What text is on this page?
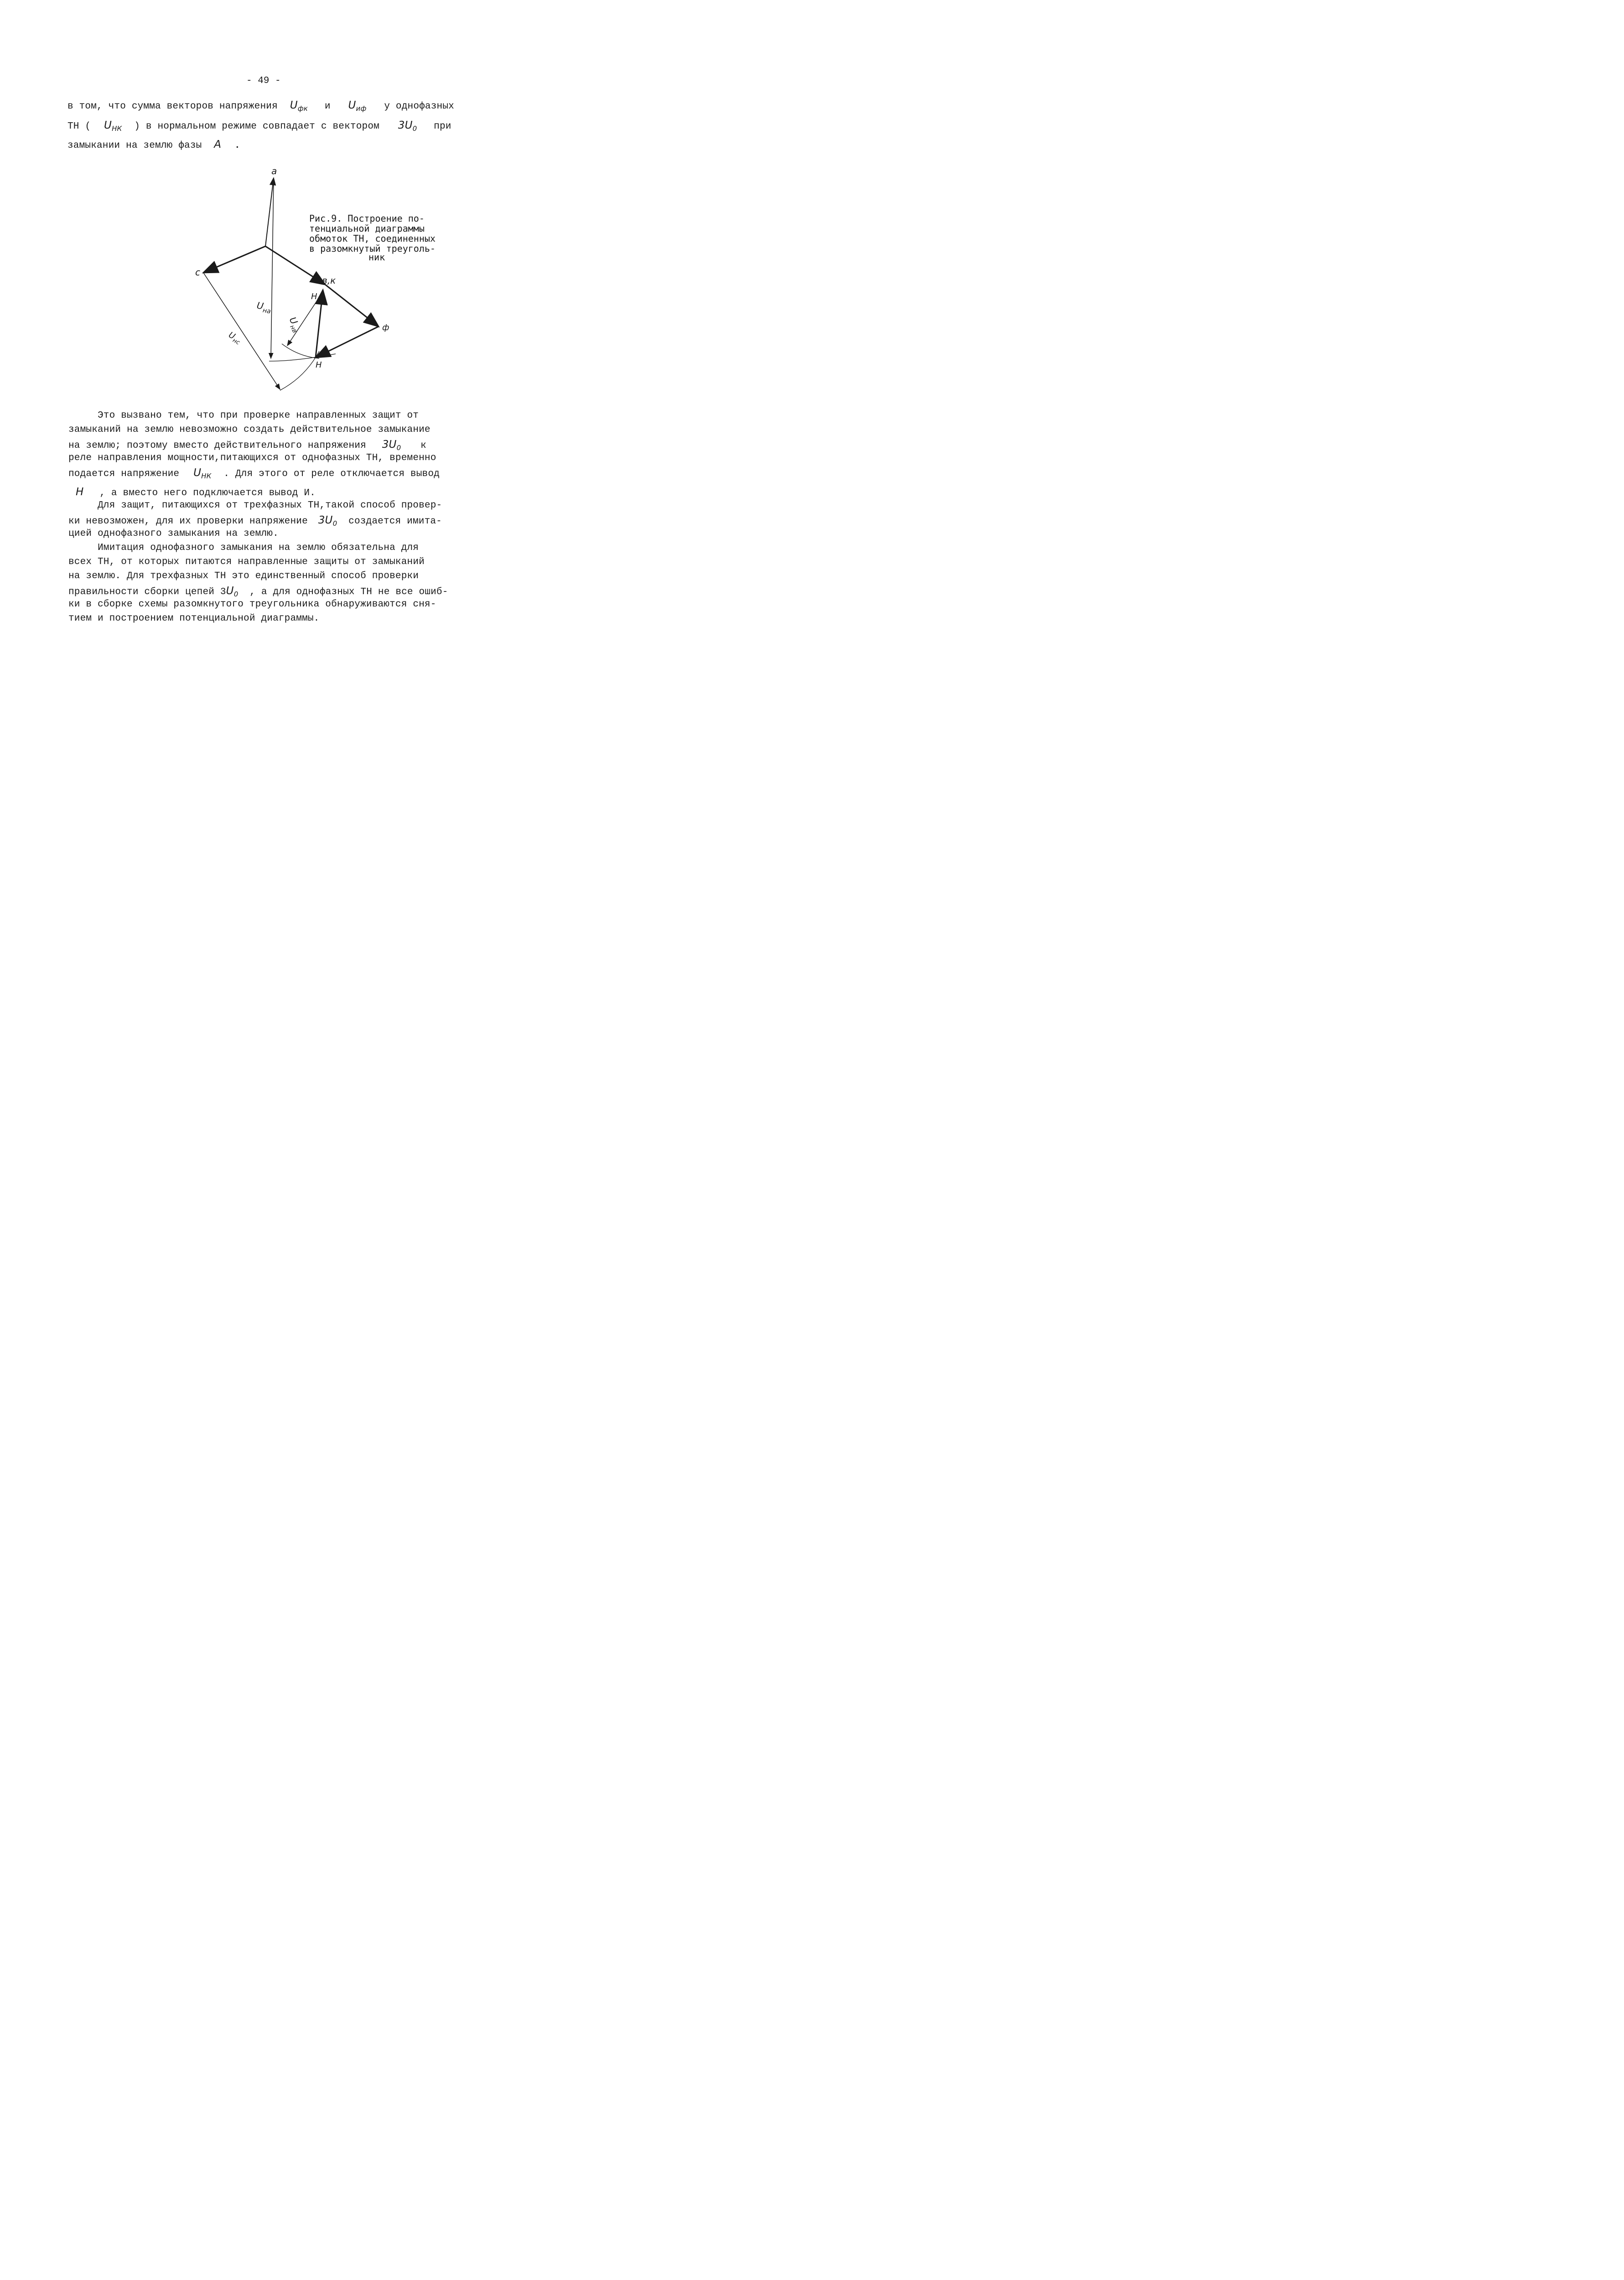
- 49 -
в том, что сумма векторов напряжения $U_{фк}$ и $U_{иф}$ у однофазных
ТН ( $U_{НК}$ ) в нормальном режиме совпадает с вектором $3U_0$ при
замыкании на землю фазы A .
a
c
в,к
ф
Н
Н
$U_{на}$
$U_{нв}$
$U_{нс}$
Рис.9. Построение по-
тенциальной диаграммы
обмоток ТН, соединенных
в разомкнутый треуголь-
ник
Это вызвано тем, что при проверке направленных защит от
замыканий на землю невозможно создать действительное замыкание
на землю; поэтому вместо действительного напряжения $3U_0$ к
реле направления мощности,питающихся от однофазных ТН, временно
подается напряжение $U_{НК}$ . Для этого от реле отключается вывод
Н , а вместо него подключается вывод И.
Для защит, питающихся от трехфазных ТН,такой способ провер-
ки невозможен, для их проверки напряжение $3U_0$ создается имита-
цией однофазного замыкания на землю.
Имитация однофазного замыкания на землю обязательна для
всех ТН, от которых питаются направленные защиты от замыканий
на землю. Для трехфазных ТН это единственный способ проверки
правильности сборки цепей $3U_0$ , а для однофазных ТН не все ошиб-
ки в сборке схемы разомкнутого треугольника обнаруживаются сня-
тием и построением потенциальной диаграммы.
